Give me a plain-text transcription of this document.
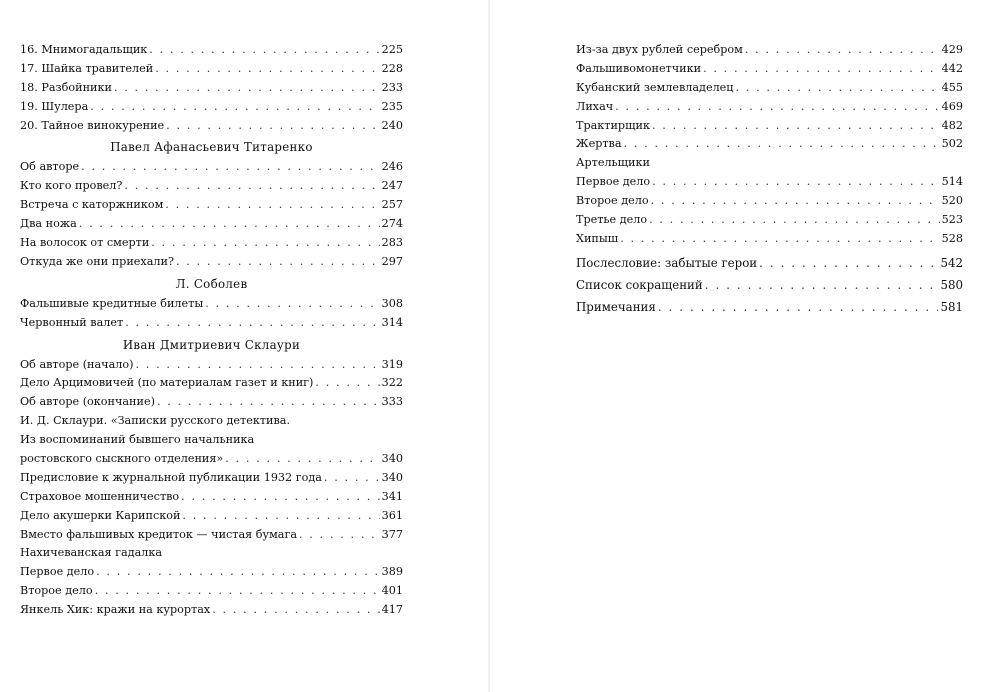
16. Мнимогадальщик . . .	225
17. Шайка травителей . . .	228
18. Разбойники . . .	233
19. Шулера . . .	235
20. Тайное винокурение . . .	240
Павел Афанасьевич Титаренко
Об авторе . . .	246
Кто кого провел? . . .	247
Встреча с каторжником . . .	257
Два ножа . . .	274
На волосок от смерти . . .	283
Откуда же они приехали? . . .	297
Л. Соболев
Фальшивые кредитные билеты . . .	308
Червонный валет . . .	314
Иван Дмитриевич Склаури
Об авторе (начало) . . .	319
Дело Арцимовичей (по материалам газет и книг) . . .	322
Об авторе (окончание) . . .	333
И. Д. Склаури. «Записки русского детектива.
Из воспоминаний бывшего начальника
ростовского сыскного отделения» . . .	340
Предисловие к журнальной публикации 1932 года . . .	340
Страховое мошенничество . . .	341
Дело акушерки Карипской . . .	361
Вместо фальшивых кредиток — чистая бумага . . .	377
Нахичеванская гадалка
Первое дело . . .	389
Второе дело . . .	401
Янкель Хик: кражи на курортах . . .	417
Из-за двух рублей серебром . . .	429
Фальшивомонетчики . . .	442
Кубанский землевладелец . . .	455
Лихач . . .	469
Трактирщик . . .	482
Жертва . . .	502
Артельщики
Первое дело . . .	514
Второе дело . . .	520
Третье дело . . .	523
Хипыш . . .	528
Послесловие: забытые герои . . .	542
Список сокращений . . .	580
Примечания . . .	581
